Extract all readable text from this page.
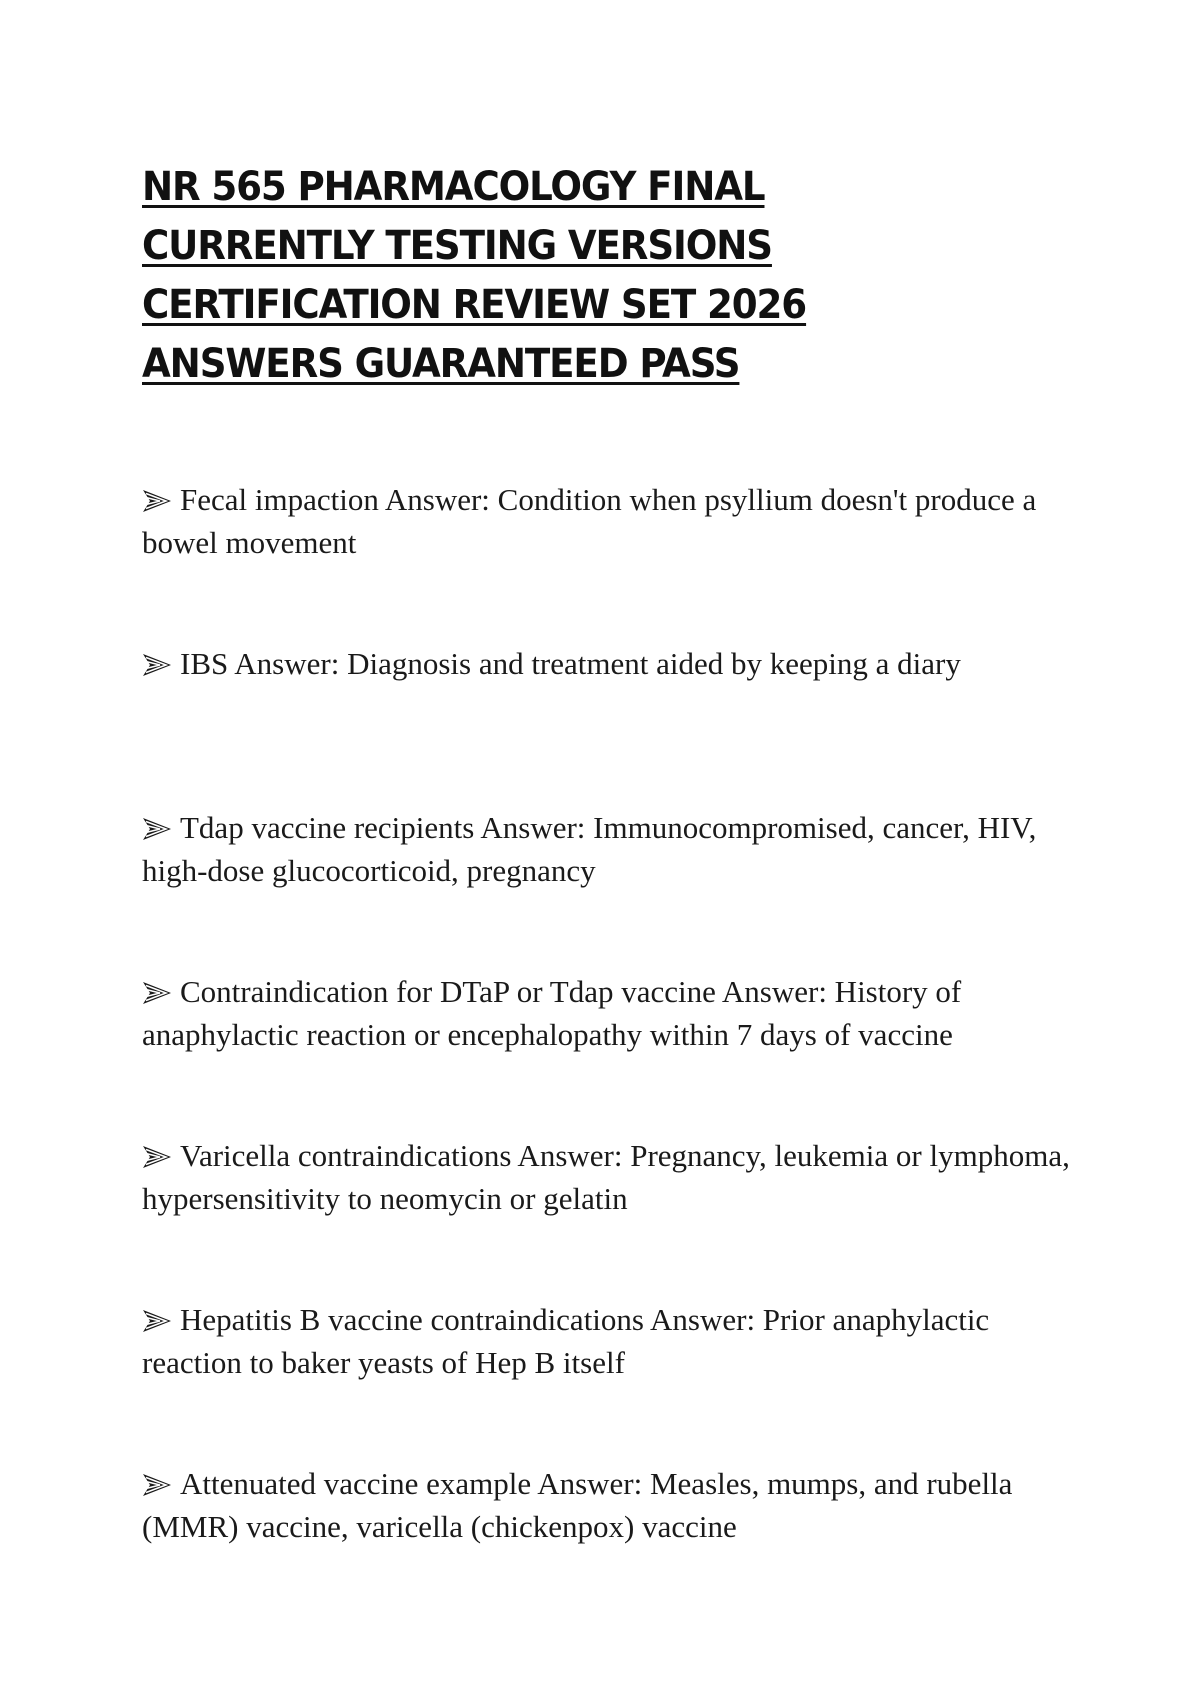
NR 565 PHARMACOLOGY FINAL
CURRENTLY TESTING VERSIONS
CERTIFICATION REVIEW SET 2026
ANSWERS GUARANTEED PASS
Fecal impaction Answer: Condition when psyllium doesn't produce a bowel movement
IBS Answer: Diagnosis and treatment aided by keeping a diary
Tdap vaccine recipients Answer: Immunocompromised, cancer, HIV, high-dose glucocorticoid, pregnancy
Contraindication for DTaP or Tdap vaccine Answer: History of anaphylactic reaction or encephalopathy within 7 days of vaccine
Varicella contraindications Answer: Pregnancy, leukemia or lymphoma, hypersensitivity to neomycin or gelatin
Hepatitis B vaccine contraindications Answer: Prior anaphylactic reaction to baker yeasts of Hep B itself
Attenuated vaccine example Answer: Measles, mumps, and rubella (MMR) vaccine, varicella (chickenpox) vaccine
